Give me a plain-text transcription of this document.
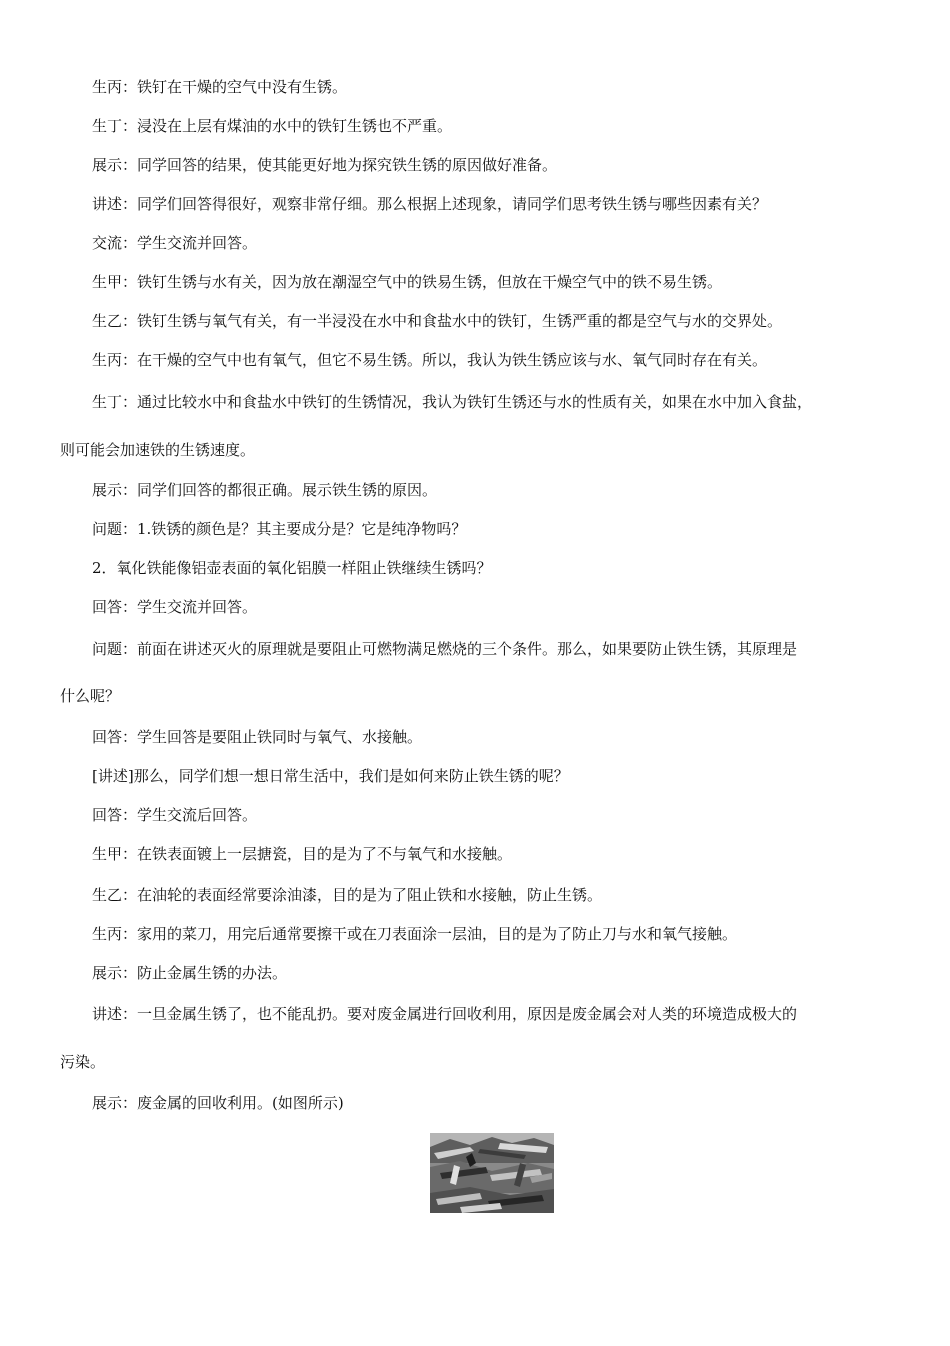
生丙：铁钉在干燥的空气中没有生锈。

生丁：浸没在上层有煤油的水中的铁钉生锈也不严重。

展示：同学回答的结果，使其能更好地为探究铁生锈的原因做好准备。

讲述：同学们回答得很好，观察非常仔细。那么根据上述现象，请同学们思考铁生锈与哪些因素有关？

交流：学生交流并回答。

生甲：铁钉生锈与水有关，因为放在潮湿空气中的铁易生锈，但放在干燥空气中的铁不易生锈。

生乙：铁钉生锈与氧气有关，有一半浸没在水中和食盐水中的铁钉，生锈严重的都是空气与水的交界处。

生丙：在干燥的空气中也有氧气，但它不易生锈。所以，我认为铁生锈应该与水、氧气同时存在有关。

生丁：通过比较水中和食盐水中铁钉的生锈情况，我认为铁钉生锈还与水的性质有关，如果在水中加入食盐，

则可能会加速铁的生锈速度。

展示：同学们回答的都很正确。展示铁生锈的原因。

问题：1.铁锈的颜色是？其主要成分是？它是纯净物吗？

2．氧化铁能像铝壶表面的氧化铝膜一样阻止铁继续生锈吗？

回答：学生交流并回答。

问题：前面在讲述灭火的原理就是要阻止可燃物满足燃烧的三个条件。那么，如果要防止铁生锈，其原理是

什么呢？

回答：学生回答是要阻止铁同时与氧气、水接触。

[讲述]那么，同学们想一想日常生活中，我们是如何来防止铁生锈的呢？

回答：学生交流后回答。

生甲：在铁表面镀上一层搪瓷，目的是为了不与氧气和水接触。

生乙：在油轮的表面经常要涂油漆，目的是为了阻止铁和水接触，防止生锈。

生丙：家用的菜刀，用完后通常要擦干或在刀表面涂一层油，目的是为了防止刀与水和氧气接触。

展示：防止金属生锈的办法。

讲述：一旦金属生锈了，也不能乱扔。要对废金属进行回收利用，原因是废金属会对人类的环境造成极大的

污染。

展示：废金属的回收利用。(如图所示)
